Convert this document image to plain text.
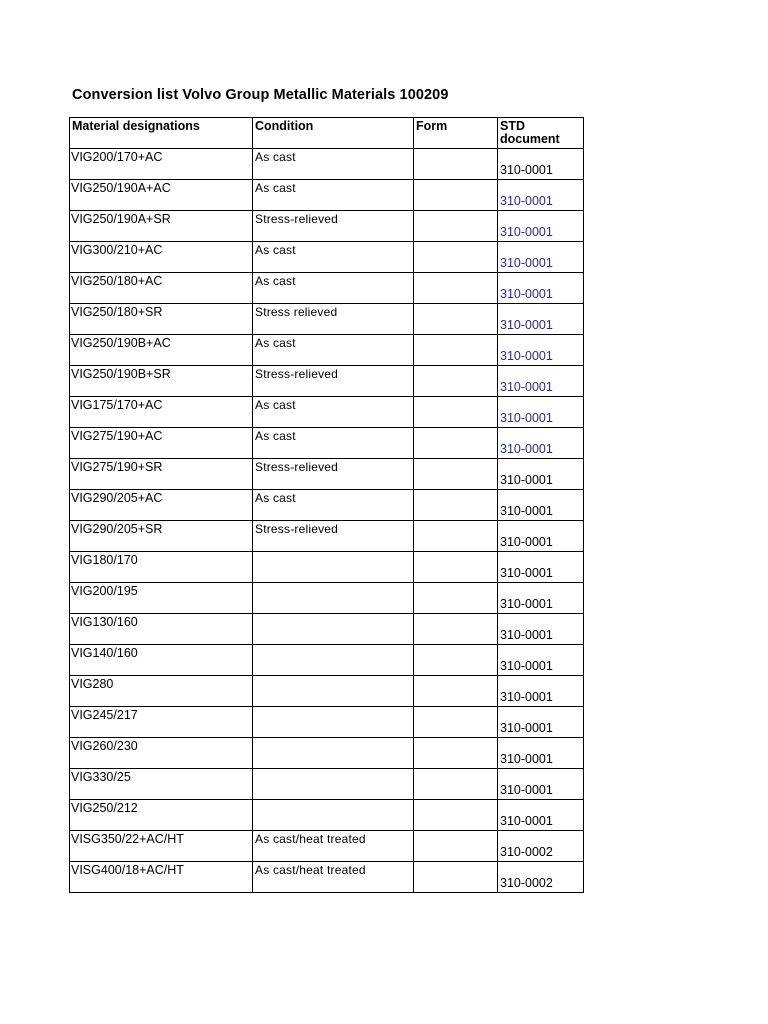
Conversion list Volvo Group Metallic Materials 100209
Material designations	Condition	Form	STD document

VIG200/170+AC	As cast		310-0001

VIG250/190A+AC	As cast		310-0001

VIG250/190A+SR	Stress-relieved		310-0001

VIG300/210+AC	As cast		310-0001

VIG250/180+AC	As cast		310-0001

VIG250/180+SR	Stress relieved		310-0001

VIG250/190B+AC	As cast		310-0001

VIG250/190B+SR	Stress-relieved		310-0001

VIG175/170+AC	As cast		310-0001

VIG275/190+AC	As cast		310-0001

VIG275/190+SR	Stress-relieved		310-0001

VIG290/205+AC	As cast		310-0001

VIG290/205+SR	Stress-relieved		310-0001

VIG180/170			310-0001

VIG200/195			310-0001

VIG130/160			310-0001

VIG140/160			310-0001

VIG280			310-0001

VIG245/217			310-0001

VIG260/230			310-0001

VIG330/25			310-0001

VIG250/212			310-0001

VISG350/22+AC/HT	As cast/heat treated		310-0002

VISG400/18+AC/HT	As cast/heat treated		310-0002
